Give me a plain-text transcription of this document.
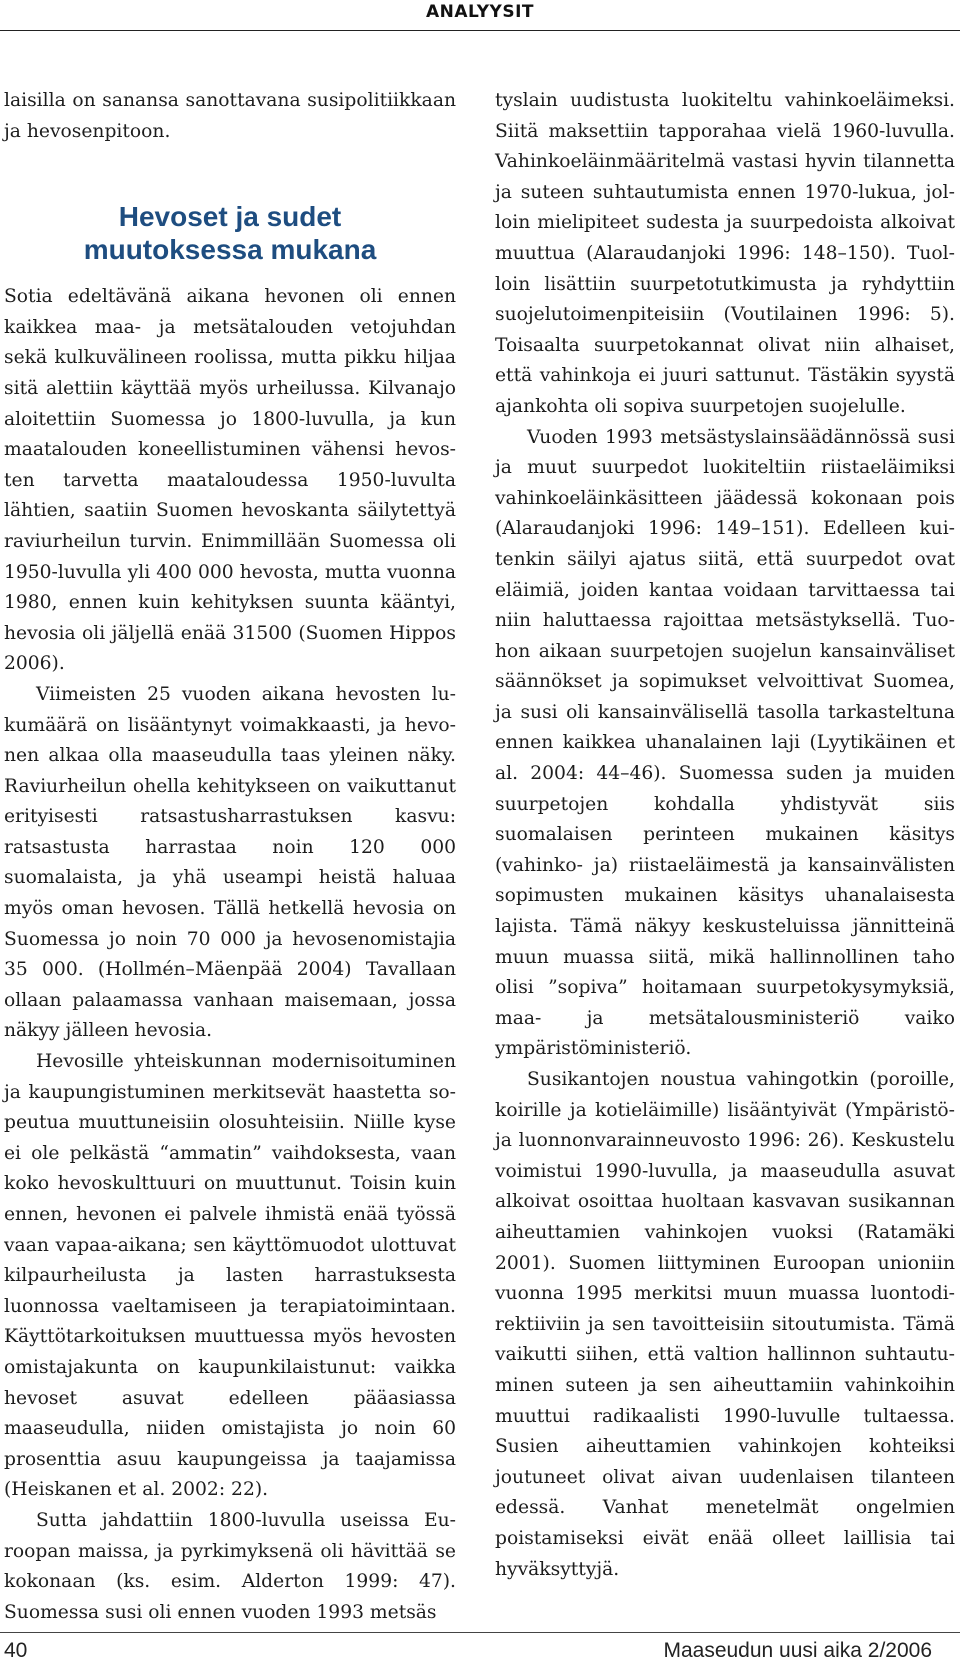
ANALYYSIT

laisilla on sanansa sanottavana susipolitiikkaan ja hevosenpitoon.

Hevoset ja sudet
muutoksessa mukana

Sotia edeltävänä aikana hevonen oli ennen kaikkea maa- ja metsätalouden vetojuhdan sekä kulkuvälineen roolissa, mutta pikku hiljaa sitä alettiin käyttää myös urheilussa. Kilvanajo aloitettiin Suomessa jo 1800-luvulla, ja kun maatalouden koneellistuminen vähensi hevosten tarvetta maataloudessa 1950-luvulta lähtien, saatiin Suomen hevoskanta säilytettyä raviurheilun turvin. Enimmillään Suomessa oli 1950-luvulla yli 400 000 hevosta, mutta vuonna 1980, ennen kuin kehityksen suunta kääntyi, hevosia oli jäljellä enää 31500 (Suomen Hippos 2006).

Viimeisten 25 vuoden aikana hevosten lukumäärä on lisääntynyt voimakkaasti, ja hevonen alkaa olla maaseudulla taas yleinen näky. Raviurheilun ohella kehitykseen on vaikuttanut erityisesti ratsastusharrastuksen kasvu: ratsastusta harrastaa noin 120 000 suomalaista, ja yhä useampi heistä haluaa myös oman hevosen. Tällä hetkellä hevosia on Suomessa jo noin 70 000 ja hevosenomistajia 35 000. (Hollmén–Mäenpää 2004) Tavallaan ollaan palaamassa vanhaan maisemaan, jossa näkyy jälleen hevosia.

Hevosille yhteiskunnan modernisoituminen ja kaupungistuminen merkitsevät haastetta sopeutua muuttuneisiin olosuhteisiin. Niille kyse ei ole pelkästä “ammatin” vaihdoksesta, vaan koko hevoskulttuuri on muuttunut. Toisin kuin ennen, hevonen ei palvele ihmistä enää työssä vaan vapaa-aikana; sen käyttömuodot ulottuvat kilpaurheilusta ja lasten harrastuksesta luonnossa vaeltamiseen ja terapiatoimintaan. Käyttötarkoituksen muuttuessa myös hevosten omistajakunta on kaupunkilaistunut: vaikka hevoset asuvat edelleen pääasiassa maaseudulla, niiden omistajista jo noin 60 prosenttia asuu kaupungeissa ja taajamissa (Heiskanen et al. 2002: 22).

Sutta jahdattiin 1800-luvulla useissa Euroopan maissa, ja pyrkimyksenä oli hävittää se kokonaan (ks. esim. Alderton 1999: 47). Suomessa susi oli ennen vuoden 1993 metsäs

tyslain uudistusta luokiteltu vahinkoeläimeksi. Siitä maksettiin tapporahaa vielä 1960-luvulla. Vahinkoeläinmääritelmä vastasi hyvin tilannetta ja suteen suhtautumista ennen 1970-lukua, jolloin mielipiteet sudesta ja suurpedoista alkoivat muuttua (Alaraudanjoki 1996: 148–150). Tuolloin lisättiin suurpetotutkimusta ja ryhdyttiin suojelutoimenpiteisiin (Voutilainen 1996: 5). Toisaalta suurpetokannat olivat niin alhaiset, että vahinkoja ei juuri sattunut. Tästäkin syystä ajankohta oli sopiva suurpetojen suojelulle.

Vuoden 1993 metsästyslainsäädännössä susi ja muut suurpedot luokiteltiin riistaeläimiksi vahinkoeläinkäsitteen jäädessä kokonaan pois (Alaraudanjoki 1996: 149–151). Edelleen kuitenkin säilyi ajatus siitä, että suurpedot ovat eläimiä, joiden kantaa voidaan tarvittaessa tai niin haluttaessa rajoittaa metsästyksellä. Tuohon aikaan suurpetojen suojelun kansainväliset säännökset ja sopimukset velvoittivat Suomea, ja susi oli kansainvälisellä tasolla tarkasteltuna ennen kaikkea uhanalainen laji (Lyytikäinen et al. 2004: 44–46). Suomessa suden ja muiden suurpetojen kohdalla yhdistyvät siis suomalaisen perinteen mukainen käsitys (vahinko- ja) riistaeläimestä ja kansainvälisten sopimusten mukainen käsitys uhanalaisesta lajista. Tämä näkyy keskusteluissa jännitteinä muun muassa siitä, mikä hallinnollinen taho olisi ”sopiva” hoitamaan suurpetokysymyksiä, maa- ja metsätalousministeriö vaiko ympäristöministeriö.

Susikantojen noustua vahingotkin (poroille, koirille ja kotieläimille) lisääntyivät (Ympäristöja luonnonvarainneuvosto 1996: 26). Keskustelu voimistui 1990-luvulla, ja maaseudulla asuvat alkoivat osoittaa huoltaan kasvavan susikannan aiheuttamien vahinkojen vuoksi (Ratamäki 2001). Suomen liittyminen Euroopan unioniin vuonna 1995 merkitsi muun muassa luontodirektiiviin ja sen tavoitteisiin sitoutumista. Tämä vaikutti siihen, että valtion hallinnon suhtautuminen suteen ja sen aiheuttamiin vahinkoihin muuttui radikaalisti 1990-luvulle tultaessa. Susien aiheuttamien vahinkojen kohteiksi joutuneet olivat aivan uudenlaisen tilanteen edessä. Vanhat menetelmät ongelmien poistamiseksi eivät enää olleet laillisia tai hyväksyttyjä.

40	Maaseudun uusi aika 2/2006
